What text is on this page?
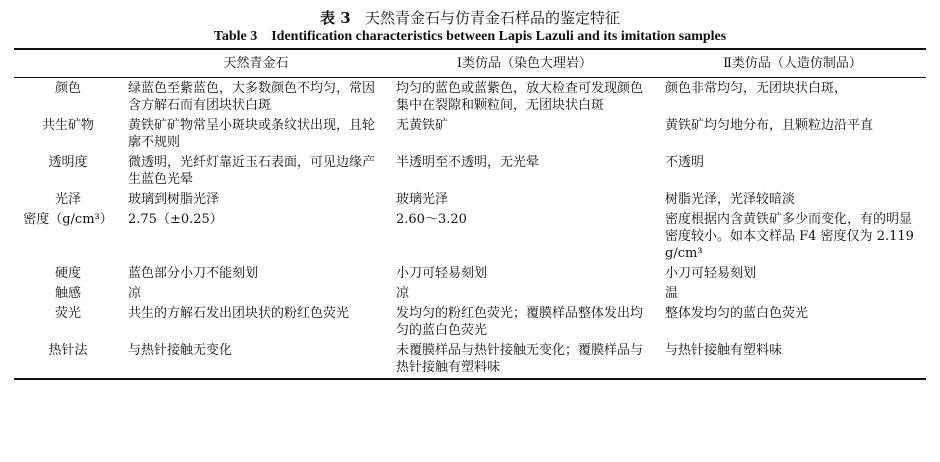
表 3 天然青金石与仿青金石样品的鉴定特征
Table 3 Identification characteristics between Lapis Lazuli and its imitation samples
	天然青金石	Ⅰ类仿品（染色大理岩）	Ⅱ类仿品（人造仿制品）
颜色	绿蓝色至紫蓝色，大多数颜色不均匀，常因含方解石而有团块状白斑	均匀的蓝色或蓝紫色，放大检查可发现颜色集中在裂隙和颗粒间，无团块状白斑	颜色非常均匀，无团块状白斑，
共生矿物	黄铁矿矿物常呈小斑块或条纹状出现，且轮廓不规则	无黄铁矿	黄铁矿均匀地分布，且颗粒边沿平直
透明度	微透明，光纤灯靠近玉石表面，可见边缘产生蓝色光晕	半透明至不透明，无光晕	不透明
光泽	玻璃到树脂光泽	玻璃光泽	树脂光泽，光泽较暗淡
密度（g/cm³）	2.75（±0.25）	2.60～3.20	密度根据内含黄铁矿多少而变化，有的明显密度较小。如本文样品 F4 密度仅为 2.119 g/cm³
硬度	蓝色部分小刀不能刻划	小刀可轻易刻划	小刀可轻易刻划
触感	凉	凉	温
荧光	共生的方解石发出团块状的粉红色荧光	发均匀的粉红色荧光；覆膜样品整体发出均匀的蓝白色荧光	整体发均匀的蓝白色荧光
热针法	与热针接触无变化	未覆膜样品与热针接触无变化；覆膜样品与热针接触有塑料味	与热针接触有塑料味
